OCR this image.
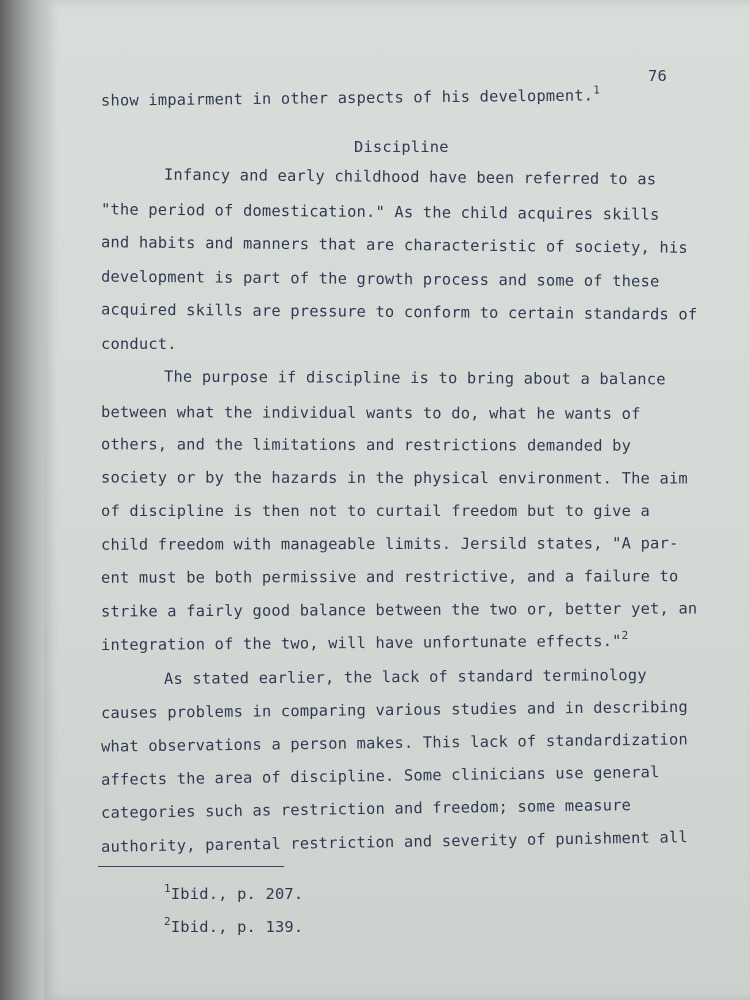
76
show impairment in other aspects of his development.$^1$
Discipline
Infancy and early childhood have been referred to as
"the period of domestication." As the child acquires skills
and habits and manners that are characteristic of society, his
development is part of the growth process and some of these
acquired skills are pressure to conform to certain standards of
conduct.
The purpose if discipline is to bring about a balance
between what the individual wants to do, what he wants of
others, and the limitations and restrictions demanded by
society or by the hazards in the physical environment. The aim
of discipline is then not to curtail freedom but to give a
child freedom with manageable limits. Jersild states, "A par-
ent must be both permissive and restrictive, and a failure to
strike a fairly good balance between the two or, better yet, an
integration of the two, will have unfortunate effects."$^2$
As stated earlier, the lack of standard terminology
causes problems in comparing various studies and in describing
what observations a person makes. This lack of standardization
affects the area of discipline. Some clinicians use general
categories such as restriction and freedom; some measure
authority, parental restriction and severity of punishment all
$^1$Ibid., p. 207.
$^2$Ibid., p. 139.
